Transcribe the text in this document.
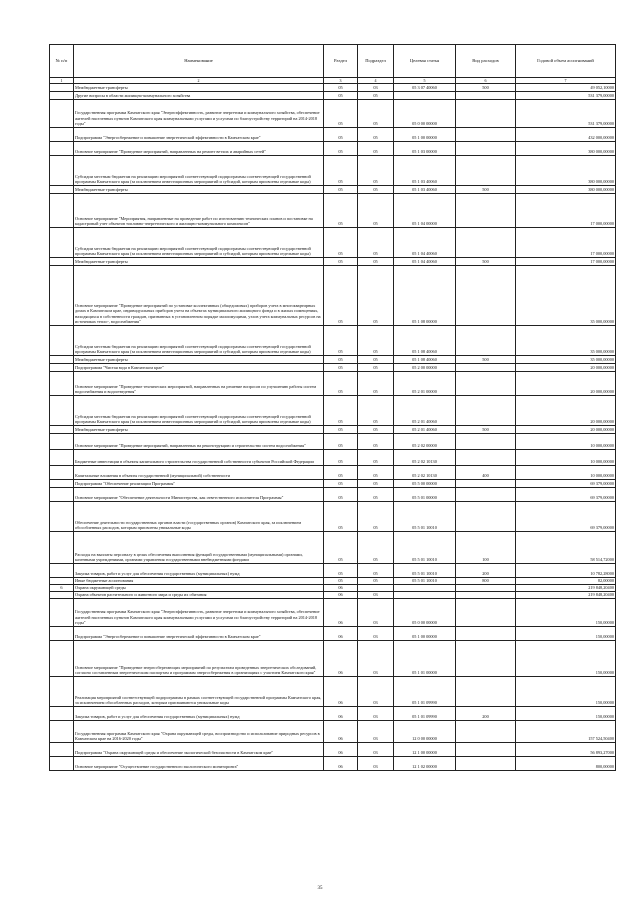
№ п/п	Наименование	Раздел	Подраздел	Целевая статья	Вид расходов	Годовой объем ассигнований
1	2	3	4	5	6	7
	Межбюджетные трансферты	05	03	05 3 07 40060	500	49 052,10000
	Другие вопросы в области жилищно-коммунального хозяйства	05	05			531 379,00000
	Государственная программа Камчатского края "Энергоэффективность, развитие энергетики и коммунального хозяйства, обеспечение жителей населенных пунктов Камчатского края коммунальными услугами и услугами по благоустройству территорий на 2014-2018 годы"	05	05	05 0 00 00000		531 379,00000
	Подпрограмма "Энергосбережение и повышение энергетической эффективности в Камчатском крае"	05	05	05 1 00 00000		432 000,00000
	Основное мероприятие "Проведение мероприятий, направленных на ремонт ветхих и аварийных сетей"	05	05	05 1 03 00000		380 000,00000
	Субсидии местным бюджетам на реализацию мероприятий соответствующей подпрограммы соответствующей государственной программы Камчатского края (за исключением инвестиционных мероприятий и субсидий, которым присвоены отдельные коды)	05	05	05 1 03 40060		380 000,00000
	Межбюджетные трансферты	05	05	05 1 03 40060	500	380 000,00000
	Основное мероприятие "Мероприятия, направленные на проведение работ по изготовлению технических планов и постановке на кадастровый учет объектов топливно-энергетического и жилищно-коммунального комплексов"	05	05	05 1 04 00000		17 000,00000
	Субсидии местным бюджетам на реализацию мероприятий соответствующей подпрограммы соответствующей государственной программы Камчатского края (за исключением инвестиционных мероприятий и субсидий, которым присвоены отдельные коды)	05	05	05 1 04 40060		17 000,00000
	Межбюджетные трансферты	05	05	05 1 04 40060	500	17 000,00000
	Основное мероприятие "Проведение мероприятий по установке коллективных (общедомовых) приборов учета в многоквартирных домах в Камчатском крае, индивидуальных приборов учета на объектах муниципального жилищного фонда и в жилых помещениях, находящихся в собственности граждан, признанных в установленном порядке малоимущими, узлов учета коммунальных ресурсов на источниках тепло-, водоснабжения"	05	05	05 1 08 00000		35 000,00000
	Субсидии местным бюджетам на реализацию мероприятий соответствующей подпрограммы соответствующей государственной программы Камчатского края (за исключением инвестиционных мероприятий и субсидий, которым присвоены отдельные коды)	05	05	05 1 08 40060		35 000,00000
	Межбюджетные трансферты	05	05	05 1 08 40060	500	35 000,00000
	Подпрограмма "Чистая вода в Камчатском крае"	05	05	05 2 00 00000		20 000,00000
	Основное мероприятие "Проведение технических мероприятий, направленных на решение вопросов по улучшению работы систем водоснабжения и водоотведения"	05	05	05 2 01 00000		20 000,00000
	Субсидии местным бюджетам на реализацию мероприятий соответствующей подпрограммы соответствующей государственной программы Камчатского края (за исключением инвестиционных мероприятий и субсидий, которым присвоены отдельные коды)	05	05	05 2 01 40060		20 000,00000
	Межбюджетные трансферты	05	05	05 2 01 40060	500	20 000,00000
	Основное мероприятие "Проведение мероприятий, направленных на реконструкцию и строительство систем водоснабжения"	05	05	05 2 02 00000		10 000,00000
	Бюджетные инвестиции в объекты капитального строительства государственной собственности субъектов Российской Федерации	05	05	05 2 02 10130		10 000,00000
	Капитальные вложения в объекты государственной (муниципальной) собственности	05	05	05 2 02 10130	400	10 000,00000
	Подпрограмма "Обеспечение реализации Программы"	05	05	05 5 00 00000		69 379,00000
	Основное мероприятие "Обеспечение деятельности Министерства, как ответственного исполнителя Программы"	05	05	05 5 01 00000		69 379,00000
	Обеспечение деятельности государственных органов власти (государственных органов) Камчатского края, за исключением обособленных расходов, которым присвоены уникальные коды	05	05	05 5 01 10010		69 379,00000
	Расходы на выплаты персоналу в целях обеспечения выполнения функций государственными (муниципальными) органами, казенными учреждениями, органами управления государственными внебюджетными фондами	05	05	05 5 01 10010	100	58 514,72000
	Закупка товаров, работ и услуг для обеспечения государственных (муниципальных) нужд	05	05	05 5 01 10010	200	10 782,28000
	Иные бюджетные ассигнования	05	05	05 5 01 10010	800	82,00000
6	Охрана окружающей среды	06				219 848,20400
	Охрана объектов растительного и животного мира и среды их обитания	06	03			219 848,20400
	Государственная программа Камчатского края "Энергоэффективность, развитие энергетики и коммунального хозяйства, обеспечение жителей населенных пунктов Камчатского края коммунальными услугами и услугами по благоустройству территорий на 2014-2018 годы"	06	03	05 0 00 00000		150,00000
	Подпрограмма "Энергосбережение и повышение энергетической эффективности в Камчатском крае"	06	03	05 1 00 00000		150,00000
	Основное мероприятие "Проведение энергосберегающих мероприятий по результатам проведенных энергетических обследований, согласно составленным энергетическим паспортам и программам энергосбережения в организациях с участием Камчатского края"	06	03	05 1 01 00000		150,00000
	Реализация мероприятий соответствующей подпрограммы в рамках соответствующей государственной программы Камчатского края, за исключением обособленных расходов, которым присваиваются уникальные коды	06	03	05 1 01 09990		150,00000
	Закупка товаров, работ и услуг для обеспечения государственных (муниципальных) нужд	06	03	05 1 01 09990	200	150,00000
	Государственная программа Камчатского края "Охрана окружающей среды, воспроизводство и использование природных ресурсов в Камчатском крае на 2016-2020 годы"	06	03	12 0 00 00000		157 524,50400
	Подпрограмма "Охрана окружающей среды и обеспечение экологической безопасности в Камчатском крае"	06	03	12 1 00 00000		56 893,27000
	Основное мероприятие "Осуществление государственного экологического мониторинга"	06	03	12 1 02 00000		800,00000
35
